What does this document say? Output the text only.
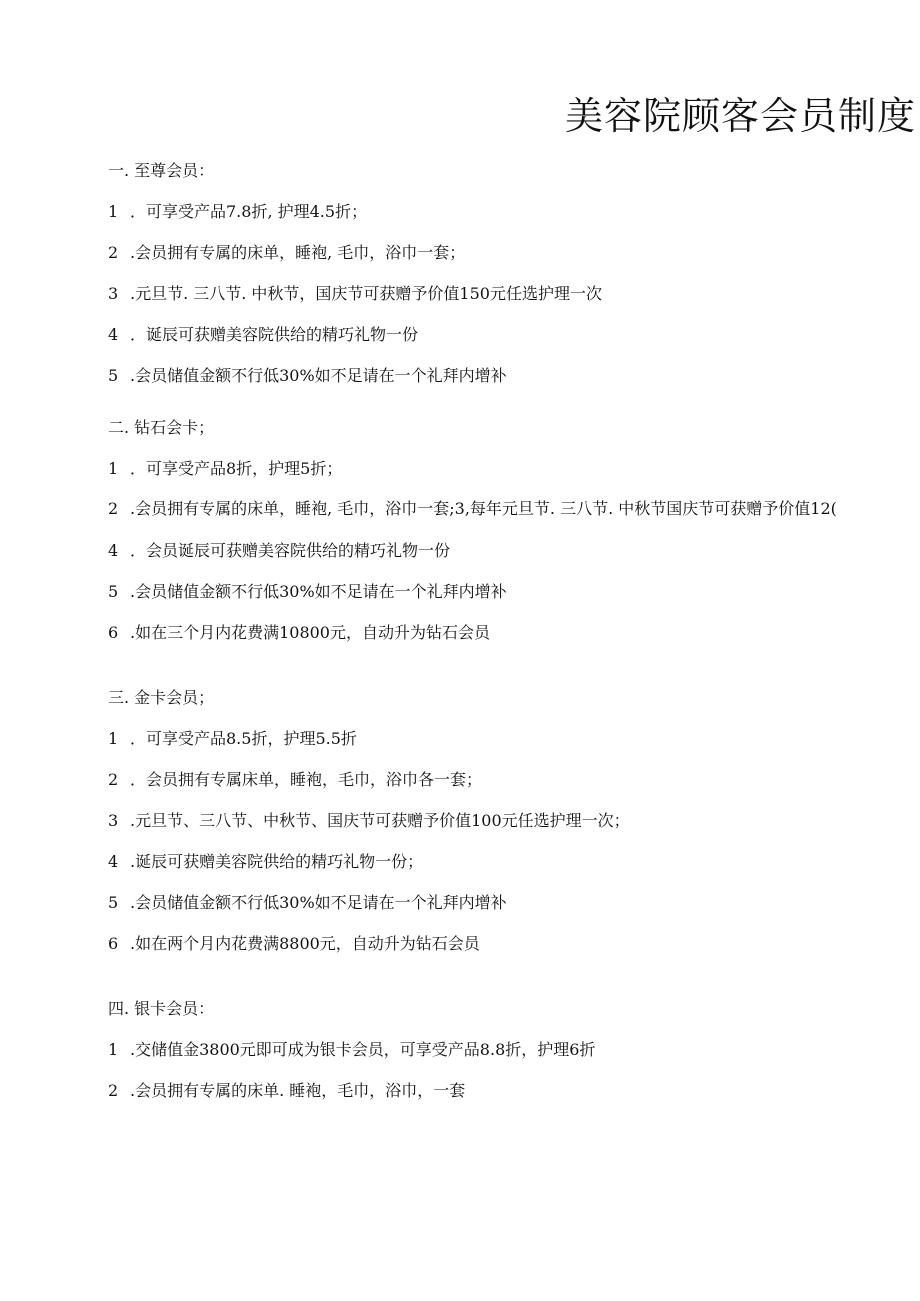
美容院顾客会员制度
一. 至尊会员：
1 ．可享受产品7.8折, 护理4.5折；
2 .会员拥有专属的床单，睡袍, 毛巾，浴巾一套；
3 .元旦节. 三八节. 中秋节，国庆节可获赠予价值150元任选护理一次
4 ．诞辰可获赠美容院供给的精巧礼物一份
5 .会员储值金额不行低30%如不足请在一个礼拜内增补
二. 钻石会卡；
1 ．可享受产品8折，护理5折；
2 .会员拥有专属的床单，睡袍, 毛巾，浴巾一套;3,每年元旦节. 三八节. 中秋节国庆节可获赠予价值12(
4 ．会员诞辰可获赠美容院供给的精巧礼物一份
5 .会员储值金额不行低30%如不足请在一个礼拜内增补
6 .如在三个月内花费满10800元，自动升为钻石会员
三. 金卡会员；
1 ．可享受产品8.5折，护理5.5折
2 ．会员拥有专属床单，睡袍，毛巾，浴巾各一套；
3 .元旦节、三八节、中秋节、国庆节可获赠予价值100元任选护理一次；
4 .诞辰可获赠美容院供给的精巧礼物一份；
5 .会员储值金额不行低30%如不足请在一个礼拜内增补
6 .如在两个月内花费满8800元，自动升为钻石会员
四. 银卡会员：
1 .交储值金3800元即可成为银卡会员，可享受产品8.8折，护理6折
2 .会员拥有专属的床单. 睡袍，毛巾，浴巾，一套
